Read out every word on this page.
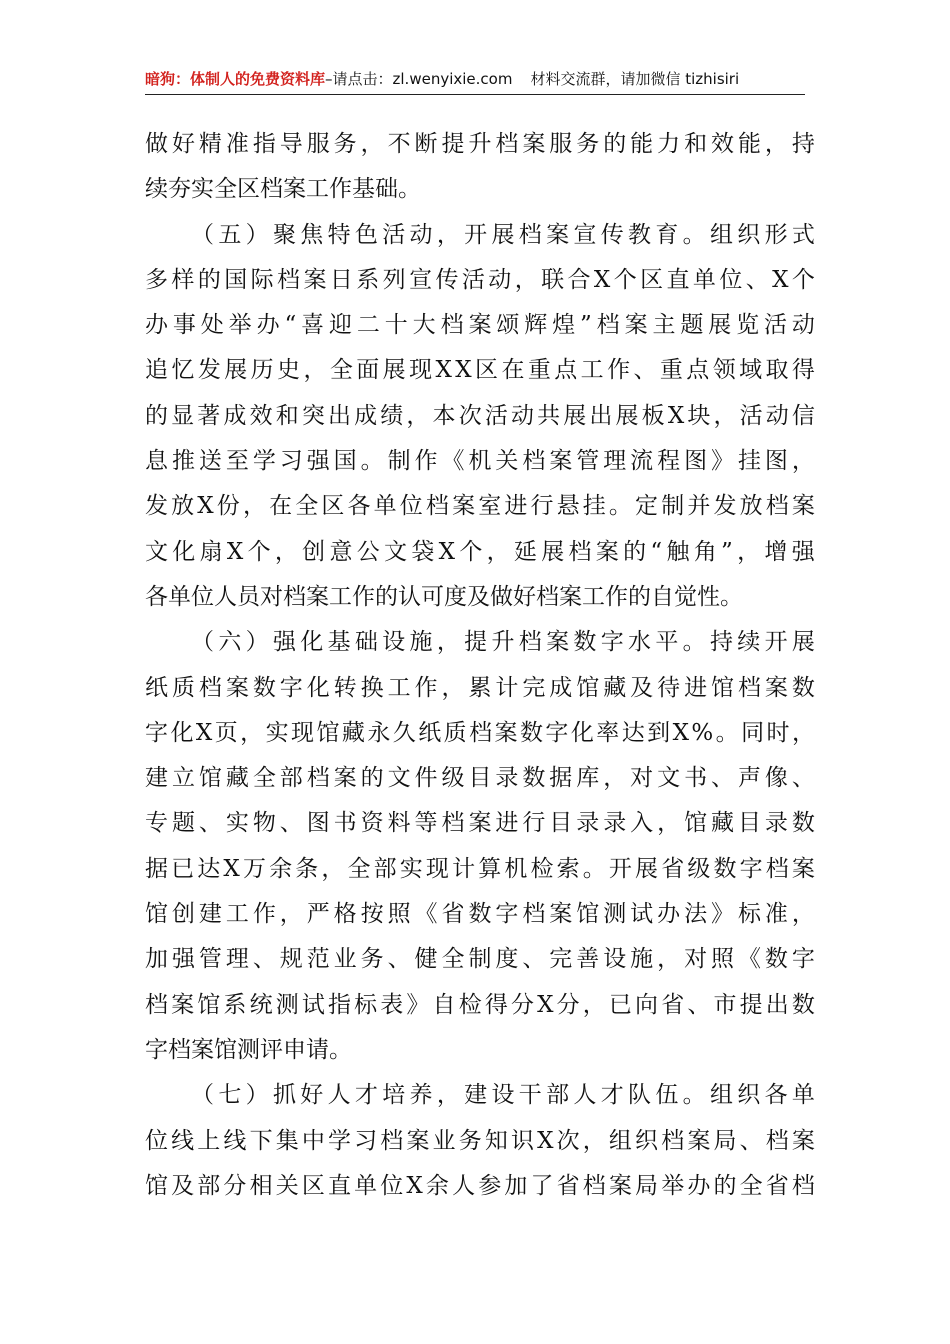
暗狗：体制人的免费资料库 –请点击：zl.wenyixie.com 材料交流群，请加微信 tizhisiri
做 好 精 准 指 导 服 务 ， 不 断 提 升 档 案 服 务 的 能 力 和 效 能 ， 持
续夯实全区档案工作基础。
（ 五 ） 聚 焦 特 色 活 动 ， 开 展 档 案 宣 传 教 育 。 组 织 形 式
多 样 的 国 际 档 案 日 系 列 宣 传 活 动 ， 联 合 X 个 区 直 单 位 、 X 个
办 事 处 举 办 “ 喜 迎 二 十 大 档 案 颂 辉 煌 ” 档 案 主 题 展 览 活 动
追 忆 发 展 历 史 ， 全 面 展 现 X X 区 在 重 点 工 作 、 重 点 领 域 取 得
的 显 著 成 效 和 突 出 成 绩 ， 本 次 活 动 共 展 出 展 板 X 块 ， 活 动 信
息 推 送 至 学 习 强 国 。 制 作 《 机 关 档 案 管 理 流 程 图 》 挂 图 ，
发 放 X 份 ， 在 全 区 各 单 位 档 案 室 进 行 悬 挂 。 定 制 并 发 放 档 案
文 化 扇 X 个 ， 创 意 公 文 袋 X 个 ， 延 展 档 案 的 “ 触 角 ” ， 增 强
各单位人员对档案工作的认可度及做好档案工作的自觉性。
（ 六 ） 强 化 基 础 设 施 ， 提 升 档 案 数 字 水 平 。 持 续 开 展
纸 质 档 案 数 字 化 转 换 工 作 ， 累 计 完 成 馆 藏 及 待 进 馆 档 案 数
字 化 X 页 ， 实 现 馆 藏 永 久 纸 质 档 案 数 字 化 率 达 到 X % 。 同 时 ，
建 立 馆 藏 全 部 档 案 的 文 件 级 目 录 数 据 库 ， 对 文 书 、 声 像 、
专 题 、 实 物 、 图 书 资 料 等 档 案 进 行 目 录 录 入 ， 馆 藏 目 录 数
据 已 达 X 万 余 条 ， 全 部 实 现 计 算 机 检 索 。 开 展 省 级 数 字 档 案
馆 创 建 工 作 ， 严 格 按 照 《 省 数 字 档 案 馆 测 试 办 法 》 标 准 ，
加 强 管 理 、 规 范 业 务 、 健 全 制 度 、 完 善 设 施 ， 对 照 《 数 字
档 案 馆 系 统 测 试 指 标 表 》 自 检 得 分 X 分 ， 已 向 省 、 市 提 出 数
字档案馆测评申请。
（ 七 ） 抓 好 人 才 培 养 ， 建 设 干 部 人 才 队 伍 。 组 织 各 单
位 线 上 线 下 集 中 学 习 档 案 业 务 知 识 X 次 ， 组 织 档 案 局 、 档 案
馆 及 部 分 相 关 区 直 单 位 X 余 人 参 加 了 省 档 案 局 举 办 的 全 省 档
